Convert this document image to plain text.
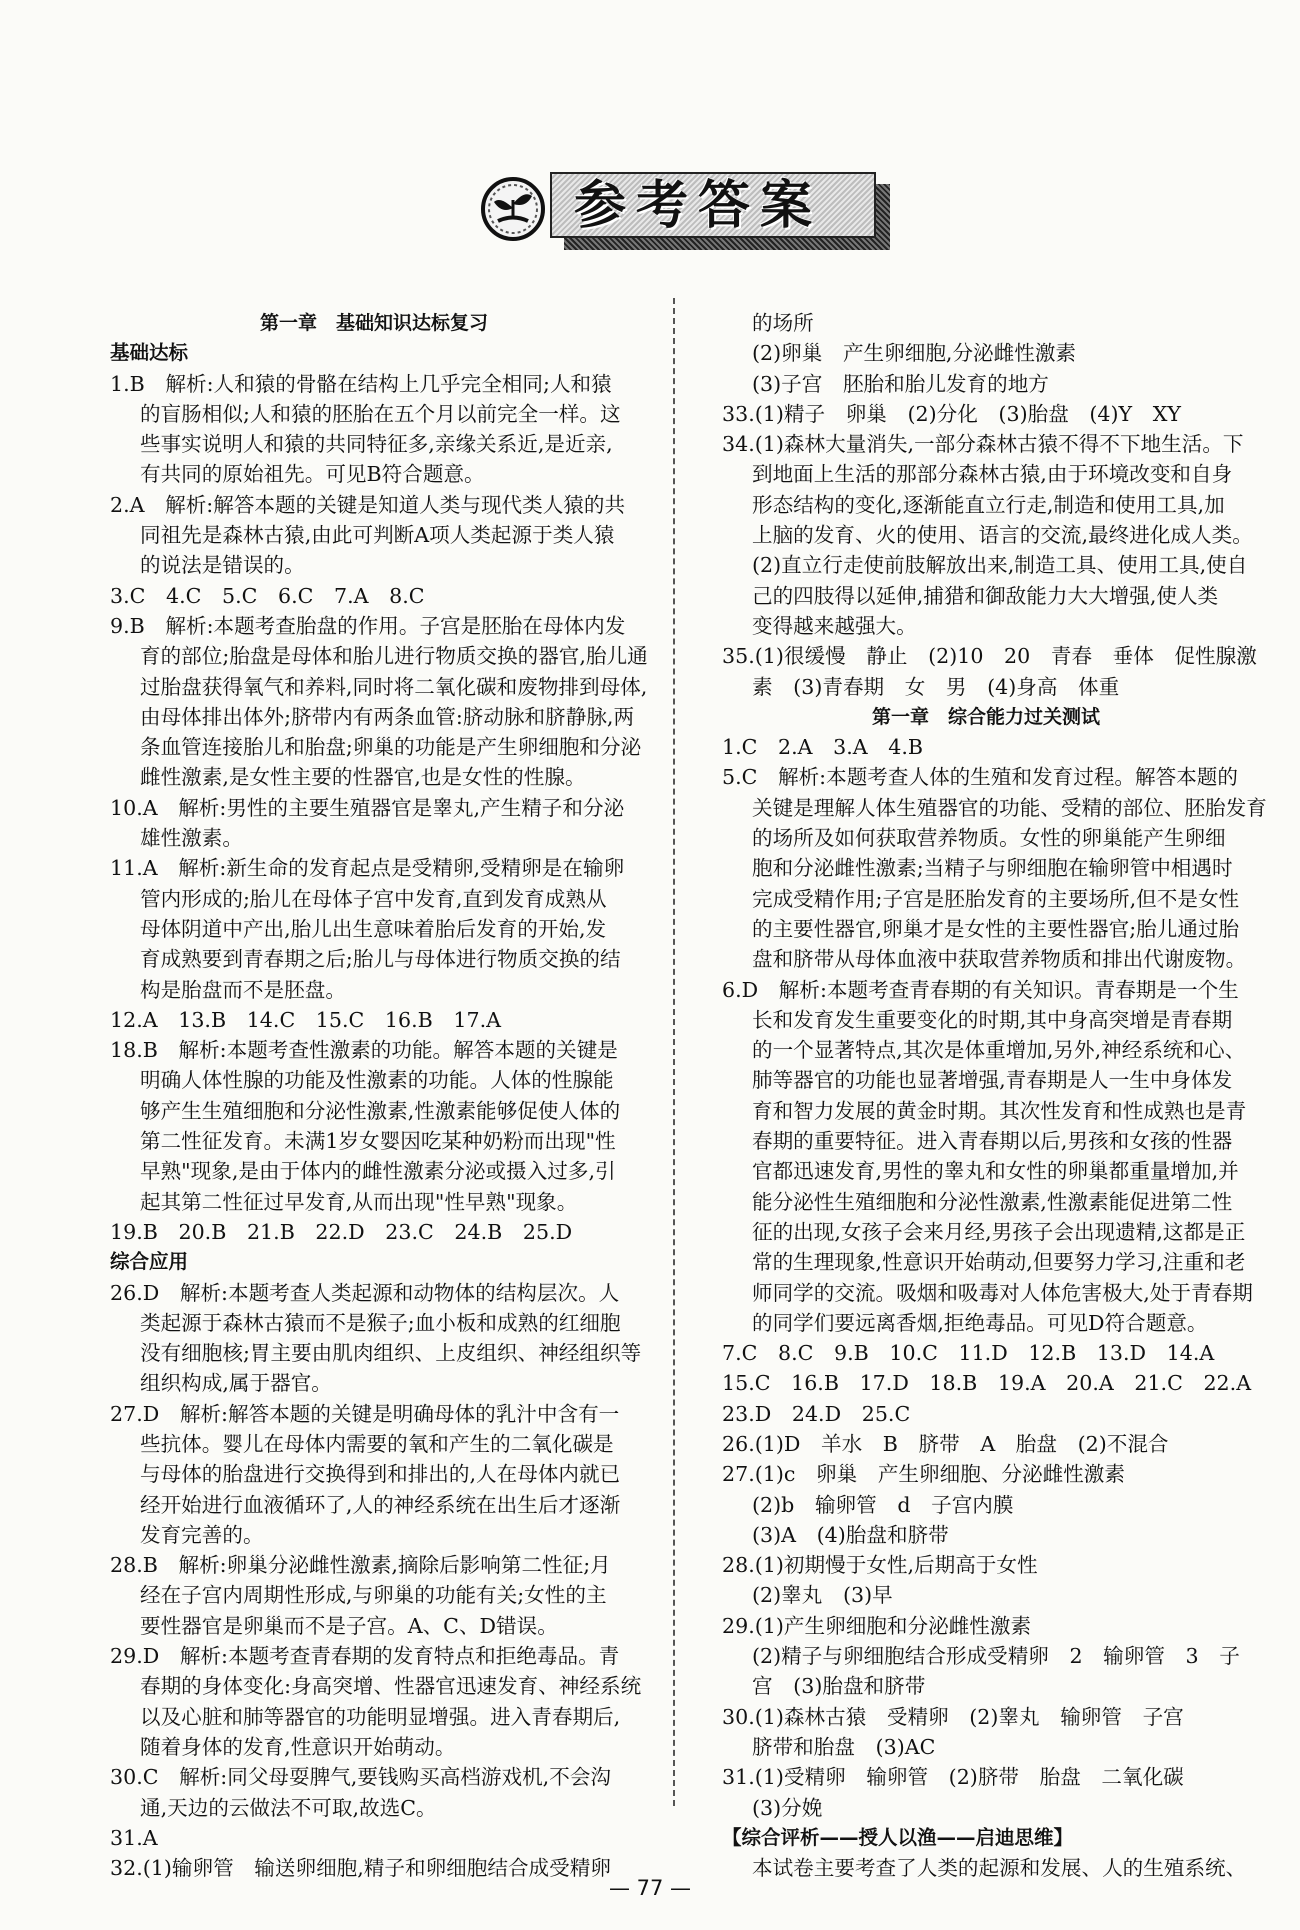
参考答案
第一章　基础知识达标复习
基础达标
1.B　解析:人和猿的骨骼在结构上几乎完全相同;人和猿
的盲肠相似;人和猿的胚胎在五个月以前完全一样。这
些事实说明人和猿的共同特征多,亲缘关系近,是近亲,
有共同的原始祖先。可见B符合题意。
2.A　解析:解答本题的关键是知道人类与现代类人猿的共
同祖先是森林古猿,由此可判断A项人类起源于类人猿
的说法是错误的。
3.C　4.C　5.C　6.C　7.A　8.C
9.B　解析:本题考查胎盘的作用。子宫是胚胎在母体内发
育的部位;胎盘是母体和胎儿进行物质交换的器官,胎儿通
过胎盘获得氧气和养料,同时将二氧化碳和废物排到母体,
由母体排出体外;脐带内有两条血管:脐动脉和脐静脉,两
条血管连接胎儿和胎盘;卵巢的功能是产生卵细胞和分泌
雌性激素,是女性主要的性器官,也是女性的性腺。
10.A　解析:男性的主要生殖器官是睾丸,产生精子和分泌
雄性激素。
11.A　解析:新生命的发育起点是受精卵,受精卵是在输卵
管内形成的;胎儿在母体子宫中发育,直到发育成熟从
母体阴道中产出,胎儿出生意味着胎后发育的开始,发
育成熟要到青春期之后;胎儿与母体进行物质交换的结
构是胎盘而不是胚盘。
12.A　13.B　14.C　15.C　16.B　17.A
18.B　解析:本题考查性激素的功能。解答本题的关键是
明确人体性腺的功能及性激素的功能。人体的性腺能
够产生生殖细胞和分泌性激素,性激素能够促使人体的
第二性征发育。未满1岁女婴因吃某种奶粉而出现"性
早熟"现象,是由于体内的雌性激素分泌或摄入过多,引
起其第二性征过早发育,从而出现"性早熟"现象。
19.B　20.B　21.B　22.D　23.C　24.B　25.D
综合应用
26.D　解析:本题考查人类起源和动物体的结构层次。人
类起源于森林古猿而不是猴子;血小板和成熟的红细胞
没有细胞核;胃主要由肌肉组织、上皮组织、神经组织等
组织构成,属于器官。
27.D　解析:解答本题的关键是明确母体的乳汁中含有一
些抗体。婴儿在母体内需要的氧和产生的二氧化碳是
与母体的胎盘进行交换得到和排出的,人在母体内就已
经开始进行血液循环了,人的神经系统在出生后才逐渐
发育完善的。
28.B　解析:卵巢分泌雌性激素,摘除后影响第二性征;月
经在子宫内周期性形成,与卵巢的功能有关;女性的主
要性器官是卵巢而不是子宫。A、C、D错误。
29.D　解析:本题考查青春期的发育特点和拒绝毒品。青
春期的身体变化:身高突增、性器官迅速发育、神经系统
以及心脏和肺等器官的功能明显增强。进入青春期后,
随着身体的发育,性意识开始萌动。
30.C　解析:同父母耍脾气,要钱购买高档游戏机,不会沟
通,天边的云做法不可取,故选C。
31.A
32.(1)输卵管　输送卵细胞,精子和卵细胞结合成受精卵
的场所
(2)卵巢　产生卵细胞,分泌雌性激素
(3)子宫　胚胎和胎儿发育的地方
33.(1)精子　卵巢　(2)分化　(3)胎盘　(4)Y　XY
34.(1)森林大量消失,一部分森林古猿不得不下地生活。下
到地面上生活的那部分森林古猿,由于环境改变和自身
形态结构的变化,逐渐能直立行走,制造和使用工具,加
上脑的发育、火的使用、语言的交流,最终进化成人类。
(2)直立行走使前肢解放出来,制造工具、使用工具,使自
己的四肢得以延伸,捕猎和御敌能力大大增强,使人类
变得越来越强大。
35.(1)很缓慢　静止　(2)10　20　青春　垂体　促性腺激
素　(3)青春期　女　男　(4)身高　体重
第一章　综合能力过关测试
1.C　2.A　3.A　4.B
5.C　解析:本题考查人体的生殖和发育过程。解答本题的
关键是理解人体生殖器官的功能、受精的部位、胚胎发育
的场所及如何获取营养物质。女性的卵巢能产生卵细
胞和分泌雌性激素;当精子与卵细胞在输卵管中相遇时
完成受精作用;子宫是胚胎发育的主要场所,但不是女性
的主要性器官,卵巢才是女性的主要性器官;胎儿通过胎
盘和脐带从母体血液中获取营养物质和排出代谢废物。
6.D　解析:本题考查青春期的有关知识。青春期是一个生
长和发育发生重要变化的时期,其中身高突增是青春期
的一个显著特点,其次是体重增加,另外,神经系统和心、
肺等器官的功能也显著增强,青春期是人一生中身体发
育和智力发展的黄金时期。其次性发育和性成熟也是青
春期的重要特征。进入青春期以后,男孩和女孩的性器
官都迅速发育,男性的睾丸和女性的卵巢都重量增加,并
能分泌性生殖细胞和分泌性激素,性激素能促进第二性
征的出现,女孩子会来月经,男孩子会出现遗精,这都是正
常的生理现象,性意识开始萌动,但要努力学习,注重和老
师同学的交流。吸烟和吸毒对人体危害极大,处于青春期
的同学们要远离香烟,拒绝毒品。可见D符合题意。
7.C　8.C　9.B　10.C　11.D　12.B　13.D　14.A
15.C　16.B　17.D　18.B　19.A　20.A　21.C　22.A
23.D　24.D　25.C
26.(1)D　羊水　B　脐带　A　胎盘　(2)不混合
27.(1)c　卵巢　产生卵细胞、分泌雌性激素
(2)b　输卵管　d　子宫内膜
(3)A　(4)胎盘和脐带
28.(1)初期慢于女性,后期高于女性
(2)睾丸　(3)早
29.(1)产生卵细胞和分泌雌性激素
(2)精子与卵细胞结合形成受精卵　2　输卵管　3　子
宫　(3)胎盘和脐带
30.(1)森林古猿　受精卵　(2)睾丸　输卵管　子宫
脐带和胎盘　(3)AC
31.(1)受精卵　输卵管　(2)脐带　胎盘　二氧化碳
(3)分娩
【综合评析——授人以渔——启迪思维】
本试卷主要考查了人类的起源和发展、人的生殖系统、
— 77 —
